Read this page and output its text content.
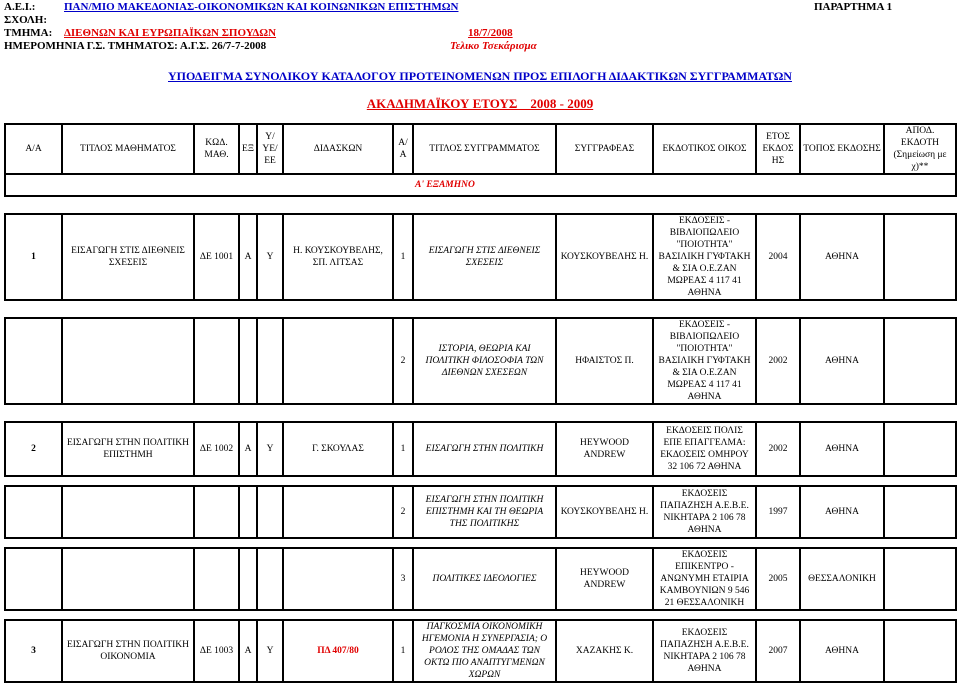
Α.Ε.Ι.:	ΠΑΝ/ΜΙΟ ΜΑΚΕΔΟΝΙΑΣ-ΟΙΚΟΝΟΜΙΚΩΝ ΚΑΙ ΚΟΙΝΩΝΙΚΩΝ ΕΠΙΣΤΗΜΩΝ	ΠΑΡΑΡΤΗΜΑ 1
ΣΧΟΛΗ:
ΤΜΗΜΑ: ΔΙΕΘΝΩΝ ΚΑΙ ΕΥΡΩΠΑΪΚΩΝ ΣΠΟΥΔΩΝ	18/7/2008
ΗΜΕΡΟΜΗΝΙΑ Γ.Σ. ΤΜΗΜΑΤΟΣ: Α.Γ.Σ. 26/7-7-2008	Τελικο Τσεκάρισμα
ΥΠΟΔΕΙΓΜΑ ΣΥΝΟΛΙΚΟΥ ΚΑΤΑΛΟΓΟΥ ΠΡΟΤΕΙΝΟΜΕΝΩΝ ΠΡΟΣ ΕΠΙΛΟΓΗ ΔΙΔΑΚΤΙΚΩΝ ΣΥΓΓΡΑΜΜΑΤΩΝ
ΑΚΑΔΗΜΑΪΚΟΥ ΕΤΟΥΣ    2008 - 2009
Α/Α	ΤΙΤΛΟΣ ΜΑΘΗΜΑΤΟΣ	ΚΩΔ. ΜΑΘ.	ΕΞ	Υ/ΥΕ/ ΕΕ	ΔΙΔΑΣΚΩΝ	Α/Α	ΤΙΤΛΟΣ ΣΥΓΓΡΑΜΜΑΤΟΣ	ΣΥΓΓΡΑΦΕΑΣ	ΕΚΔΟΤΙΚΟΣ ΟΙΚΟΣ	ΕΤΟΣ ΕΚΔΟΣ ΗΣ	ΤΟΠΟΣ ΕΚΔΟΣΗΣ	ΑΠΟΔ. ΕΚΔΟΤΗ (Σημείωση με χ)**
							Α' ΕΞΑΜΗΝΟ					

1	ΕΙΣΑΓΩΓΗ ΣΤΙΣ ΔΙΕΘΝΕΙΣ ΣΧΕΣΕΙΣ	ΔΕ 1001	Α	Υ	Η. ΚΟΥΣΚΟΥΒΕΛΗΣ, ΣΠ. ΛΙΤΣΑΣ	1	ΕΙΣΑΓΩΓΗ ΣΤΙΣ ΔΙΕΘΝΕΙΣ ΣΧΕΣΕΙΣ	ΚΟΥΣΚΟΥΒΕΛΗΣ Η.	ΕΚΔΟΣΕΙΣ - ΒΙΒΛΙΟΠΩΛΕΙΟ "ΠΟΙΟΤΗΤΑ" ΒΑΣΙΛΙΚΗ ΓΥΦΤΑΚΗ & ΣΙΑ Ο.Ε.ΖΑΝ ΜΩΡΕΑΣ 4 117 41 ΑΘΗΝΑ	2004	ΑΘΗΝΑ	

						2	ΙΣΤΟΡΙΑ, ΘΕΩΡΙΑ ΚΑΙ ΠΟΛΙΤΙΚΗ ΦΙΛΟΣΟΦΙΑ ΤΩΝ ΔΙΕΘΝΩΝ ΣΧΕΣΕΩΝ	ΗΦΑΙΣΤΟΣ Π.	ΕΚΔΟΣΕΙΣ - ΒΙΒΛΙΟΠΩΛΕΙΟ "ΠΟΙΟΤΗΤΑ" ΒΑΣΙΛΙΚΗ ΓΥΦΤΑΚΗ & ΣΙΑ Ο.Ε.ΖΑΝ ΜΩΡΕΑΣ 4 117 41 ΑΘΗΝΑ	2002	ΑΘΗΝΑ	

2	ΕΙΣΑΓΩΓΗ ΣΤΗΝ ΠΟΛΙΤΙΚΗ ΕΠΙΣΤΗΜΗ	ΔΕ 1002	Α	Υ	Γ. ΣΚΟΥΛΑΣ	1	ΕΙΣΑΓΩΓΗ ΣΤΗΝ ΠΟΛΙΤΙΚΗ	HEYWOOD ANDREW	ΕΚΔΟΣΕΙΣ ΠΟΛΙΣ ΕΠΕ ΕΠΑΓΓΕΛΜΑ: ΕΚΔΟΣΕΙΣ ΟΜΗΡΟΥ 32 106 72 ΑΘΗΝΑ	2002	ΑΘΗΝΑ	

						2	ΕΙΣΑΓΩΓΗ ΣΤΗΝ ΠΟΛΙΤΙΚΗ ΕΠΙΣΤΗΜΗ ΚΑΙ ΤΗ ΘΕΩΡΙΑ ΤΗΣ ΠΟΛΙΤΙΚΗΣ	ΚΟΥΣΚΟΥΒΕΛΗΣ Η.	ΕΚΔΟΣΕΙΣ ΠΑΠΑΖΗΣΗ Α.Ε.Β.Ε. ΝΙΚΗΤΑΡΑ 2 106 78 ΑΘΗΝΑ	1997	ΑΘΗΝΑ	

						3	ΠΟΛΙΤΙΚΕΣ ΙΔΕΟΛΟΓΙΕΣ	HEYWOOD ANDREW	ΕΚΔΟΣΕΙΣ ΕΠΙΚΕΝΤΡΟ - ΑΝΩΝΥΜΗ ΕΤΑΙΡΙΑ ΚΑΜΒΟΥΝΙΩΝ 9 546 21 ΘΕΣΣΑΛΟΝΙΚΗ	2005	ΘΕΣΣΑΛΟΝΙΚΗ	

3	ΕΙΣΑΓΩΓΗ ΣΤΗΝ ΠΟΛΙΤΙΚΗ ΟΙΚΟΝΟΜΙΑ	ΔΕ 1003	Α	Υ	ΠΔ 407/80	1	ΠΑΓΚΟΣΜΙΑ ΟΙΚΟΝΟΜΙΚΗ ΗΓΕΜΟΝΙΑ Η ΣΥΝΕΡΓΑΣΙΑ; Ο ΡΟΛΟΣ ΤΗΣ ΟΜΑΔΑΣ ΤΩΝ ΟΚΤΩ ΠΙΟ ΑΝΑΠΤΥΓΜΕΝΩΝ ΧΩΡΩΝ	ΧΑΖΑΚΗΣ Κ.	ΕΚΔΟΣΕΙΣ ΠΑΠΑΖΗΣΗ Α.Ε.Β.Ε. ΝΙΚΗΤΑΡΑ 2 106 78 ΑΘΗΝΑ	2007	ΑΘΗΝΑ	
